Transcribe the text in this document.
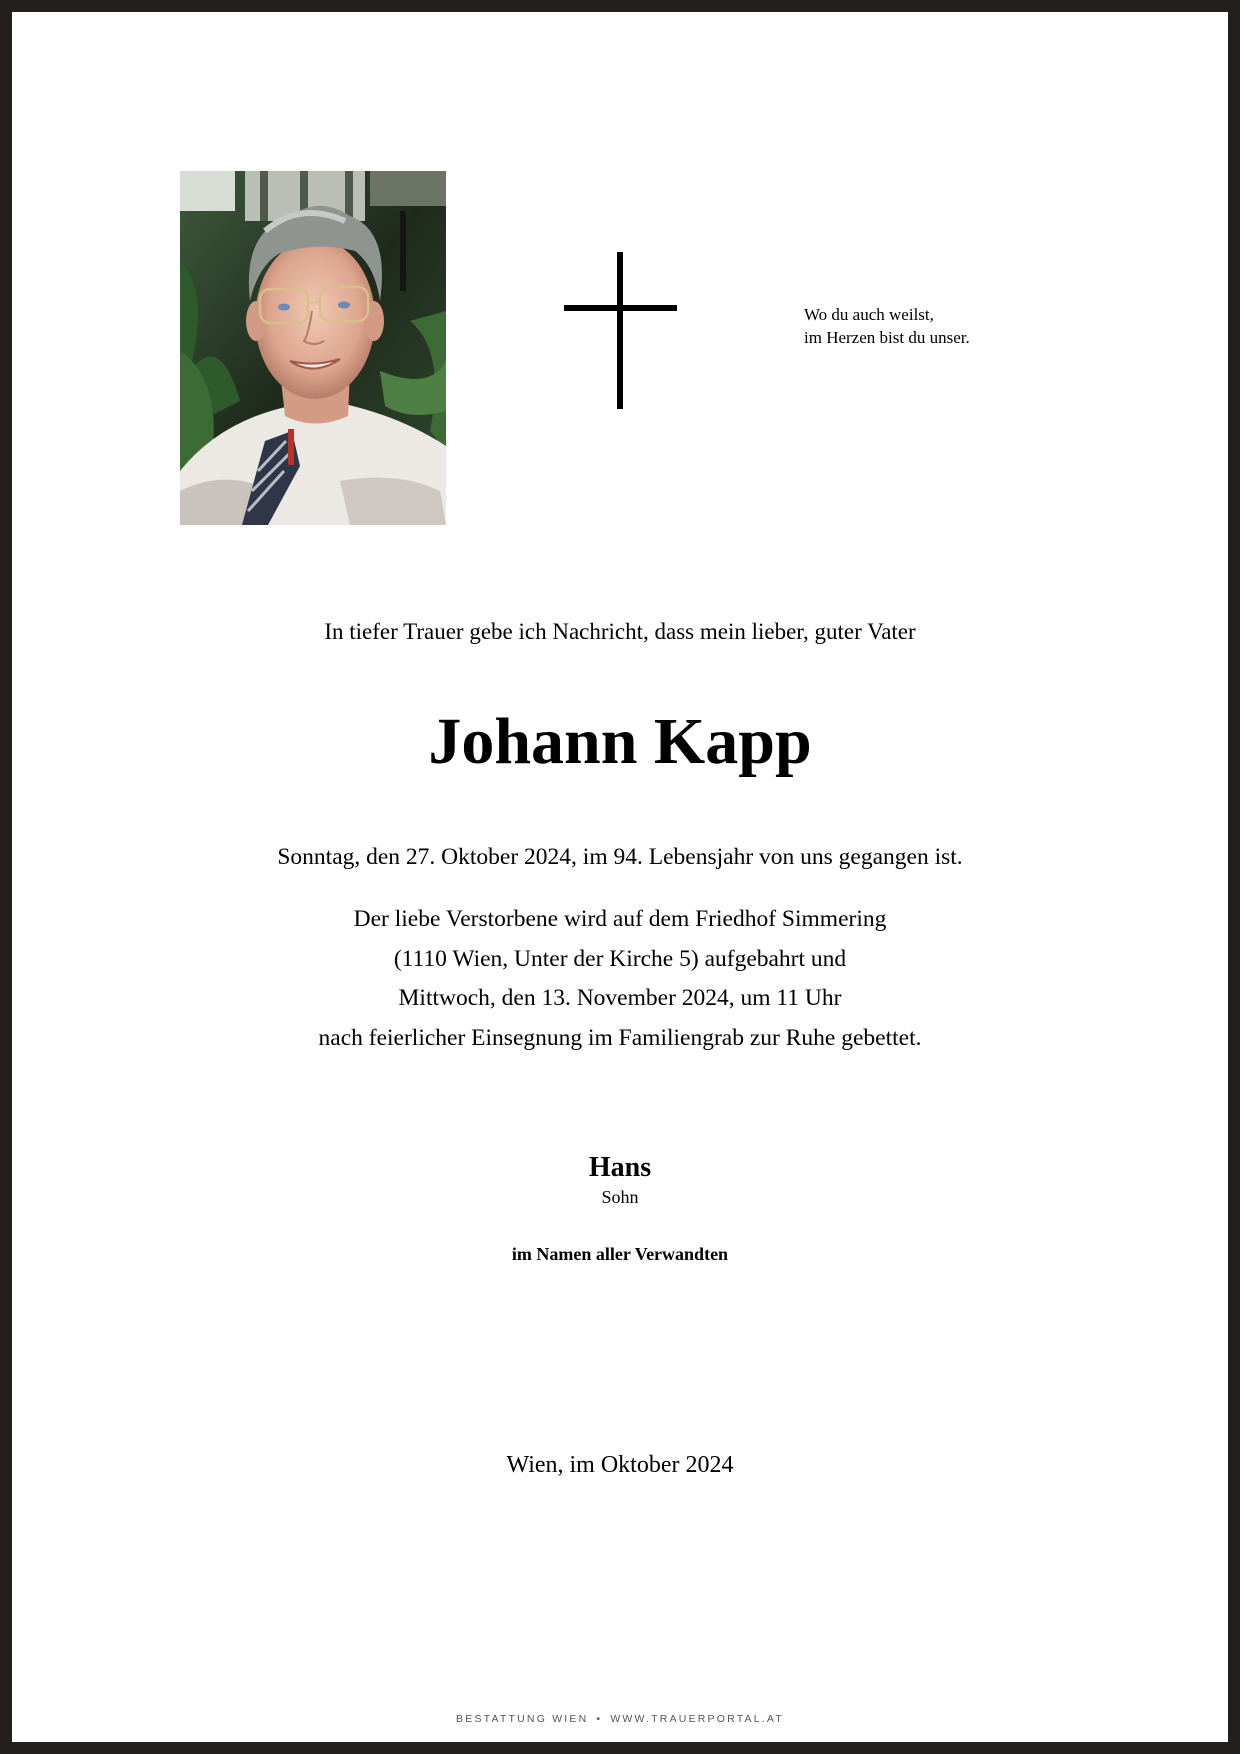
Wo du auch weilst,
im Herzen bist du unser.
In tiefer Trauer gebe ich Nachricht, dass mein lieber, guter Vater
Johann Kapp
Sonntag, den 27. Oktober 2024, im 94. Lebensjahr von uns gegangen ist.
Der liebe Verstorbene wird auf dem Friedhof Simmering
(1110 Wien, Unter der Kirche 5) aufgebahrt und
Mittwoch, den 13. November 2024, um 11 Uhr
nach feierlicher Einsegnung im Familiengrab zur Ruhe gebettet.
Hans
Sohn
im Namen aller Verwandten
Wien, im Oktober 2024
BESTATTUNG WIEN • WWW.TRAUERPORTAL.AT
